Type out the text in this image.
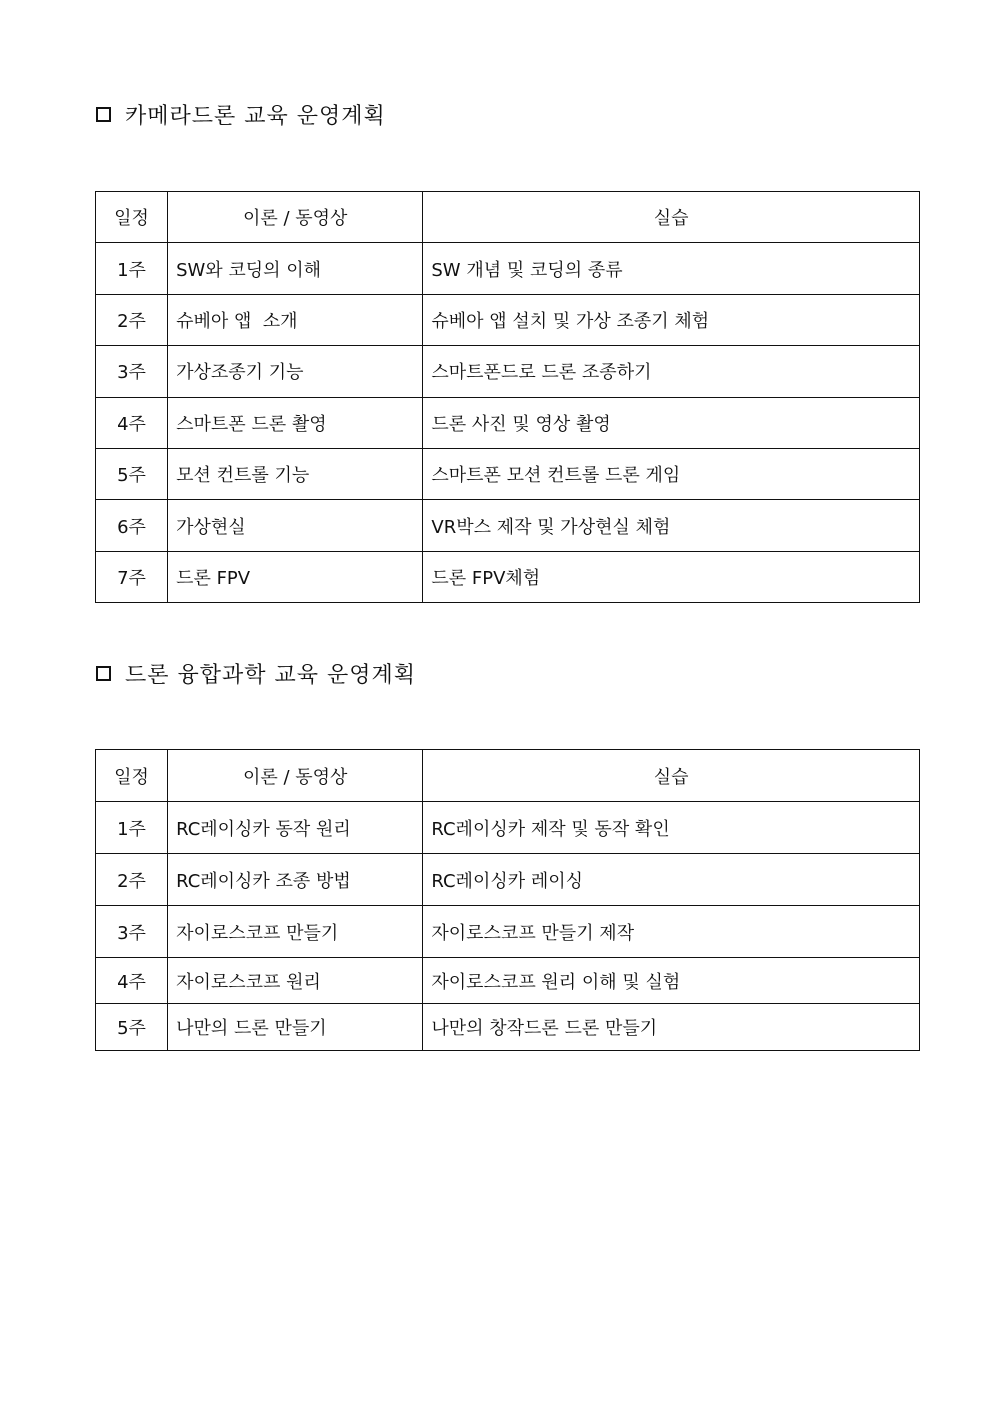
카메라드론 교육 운영계획
일정	이론 / 동영상	실습
1주	SW와 코딩의 이해	SW 개념 및 코딩의 종류
2주	슈베아 앱  소개	슈베아 앱 설치 및 가상 조종기 체험
3주	가상조종기 기능	스마트폰드로 드론 조종하기
4주	스마트폰 드론 촬영	드론 사진 및 영상 촬영
5주	모션 컨트롤 기능	스마트폰 모션 컨트롤 드론 게임
6주	가상현실	VR박스 제작 및 가상현실 체험
7주	드론 FPV	드론 FPV체험
드론 융합과학 교육 운영계획
일정	이론 / 동영상	실습
1주	RC레이싱카 동작 원리	RC레이싱카 제작 및 동작 확인
2주	RC레이싱카 조종 방법	RC레이싱카 레이싱
3주	자이로스코프 만들기	자이로스코프 만들기 제작
4주	자이로스코프 원리	자이로스코프 원리 이해 및 실험
5주	나만의 드론 만들기	나만의 창작드론 드론 만들기
